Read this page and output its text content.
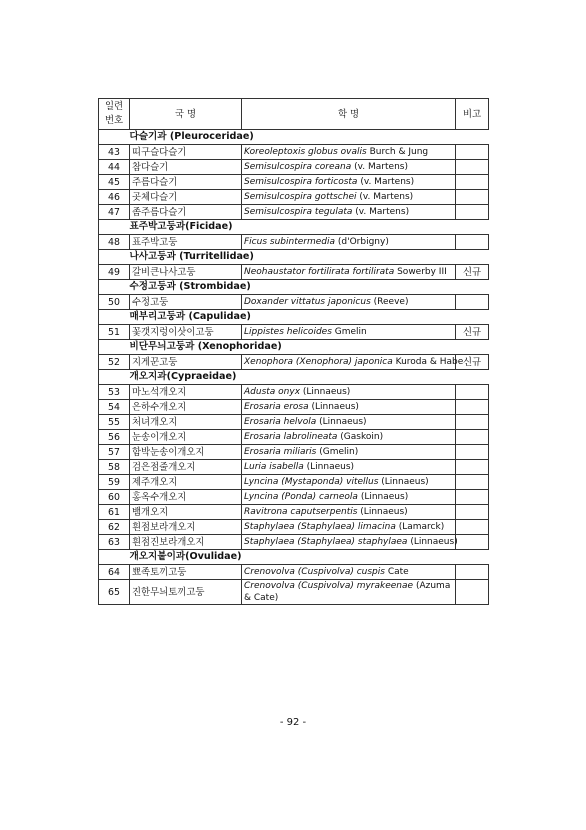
일련 번호	국 명	학 명	비고
	다슬기과 (Pleuroceridae)		
43	띠구슬다슬기	Koreoleptoxis globus ovalis Burch & Jung	
44	참다슬기	Semisulcospira coreana (v. Martens)	
45	주름다슬기	Semisulcospira forticosta (v. Martens)	
46	곳체다슬기	Semisulcospira gottschei (v. Martens)	
47	좀주름다슬기	Semisulcospira tegulata (v. Martens)	
	표주박고둥과(Ficidae)		
48	표주박고둥	Ficus subintermedia (d'Orbigny)	
	나사고둥과 (Turritellidae)		
49	갈비큰나사고둥	Neohaustator fortilirata fortilirata Sowerby III	신규
	수정고둥과 (Strombidae)		
50	수정고둥	Doxander vittatus japonicus (Reeve)	
	매부리고둥과 (Capulidae)		
51	꽃갯지렁이삿이고둥	Lippistes helicoides Gmelin	신규
	비단무늬고둥과 (Xenophoridae)		
52	지게꾼고둥	Xenophora (Xenophora) japonica Kuroda & Habe	신규
	개오지과(Cypraeidae)		
53	마노석개오지	Adusta onyx (Linnaeus)	
54	은하수개오지	Erosaria erosa (Linnaeus)	
55	처녀개오지	Erosaria helvola (Linnaeus)	
56	눈송이개오지	Erosaria labrolineata (Gaskoin)	
57	함박눈송이개오지	Erosaria miliaris (Gmelin)	
58	검은점줄개오지	Luria isabella (Linnaeus)	
59	제주개오지	Lyncina (Mystaponda) vitellus (Linnaeus)	
60	홍옥수개오지	Lyncina (Ponda) carneola (Linnaeus)	
61	뱀개오지	Ravitrona caputserpentis (Linnaeus)	
62	흰점보라개오지	Staphylaea (Staphylaea) limacina (Lamarck)	
63	흰점진보라개오지	Staphylaea (Staphylaea) staphylaea (Linnaeus)	
	개오지붙이과(Ovulidae)		
64	뾰족토끼고둥	Crenovolva (Cuspivolva) cuspis Cate	
65	진한무늬토끼고둥	Crenovolva (Cuspivolva) myrakeenae (Azuma & Cate)	
- 92 -
